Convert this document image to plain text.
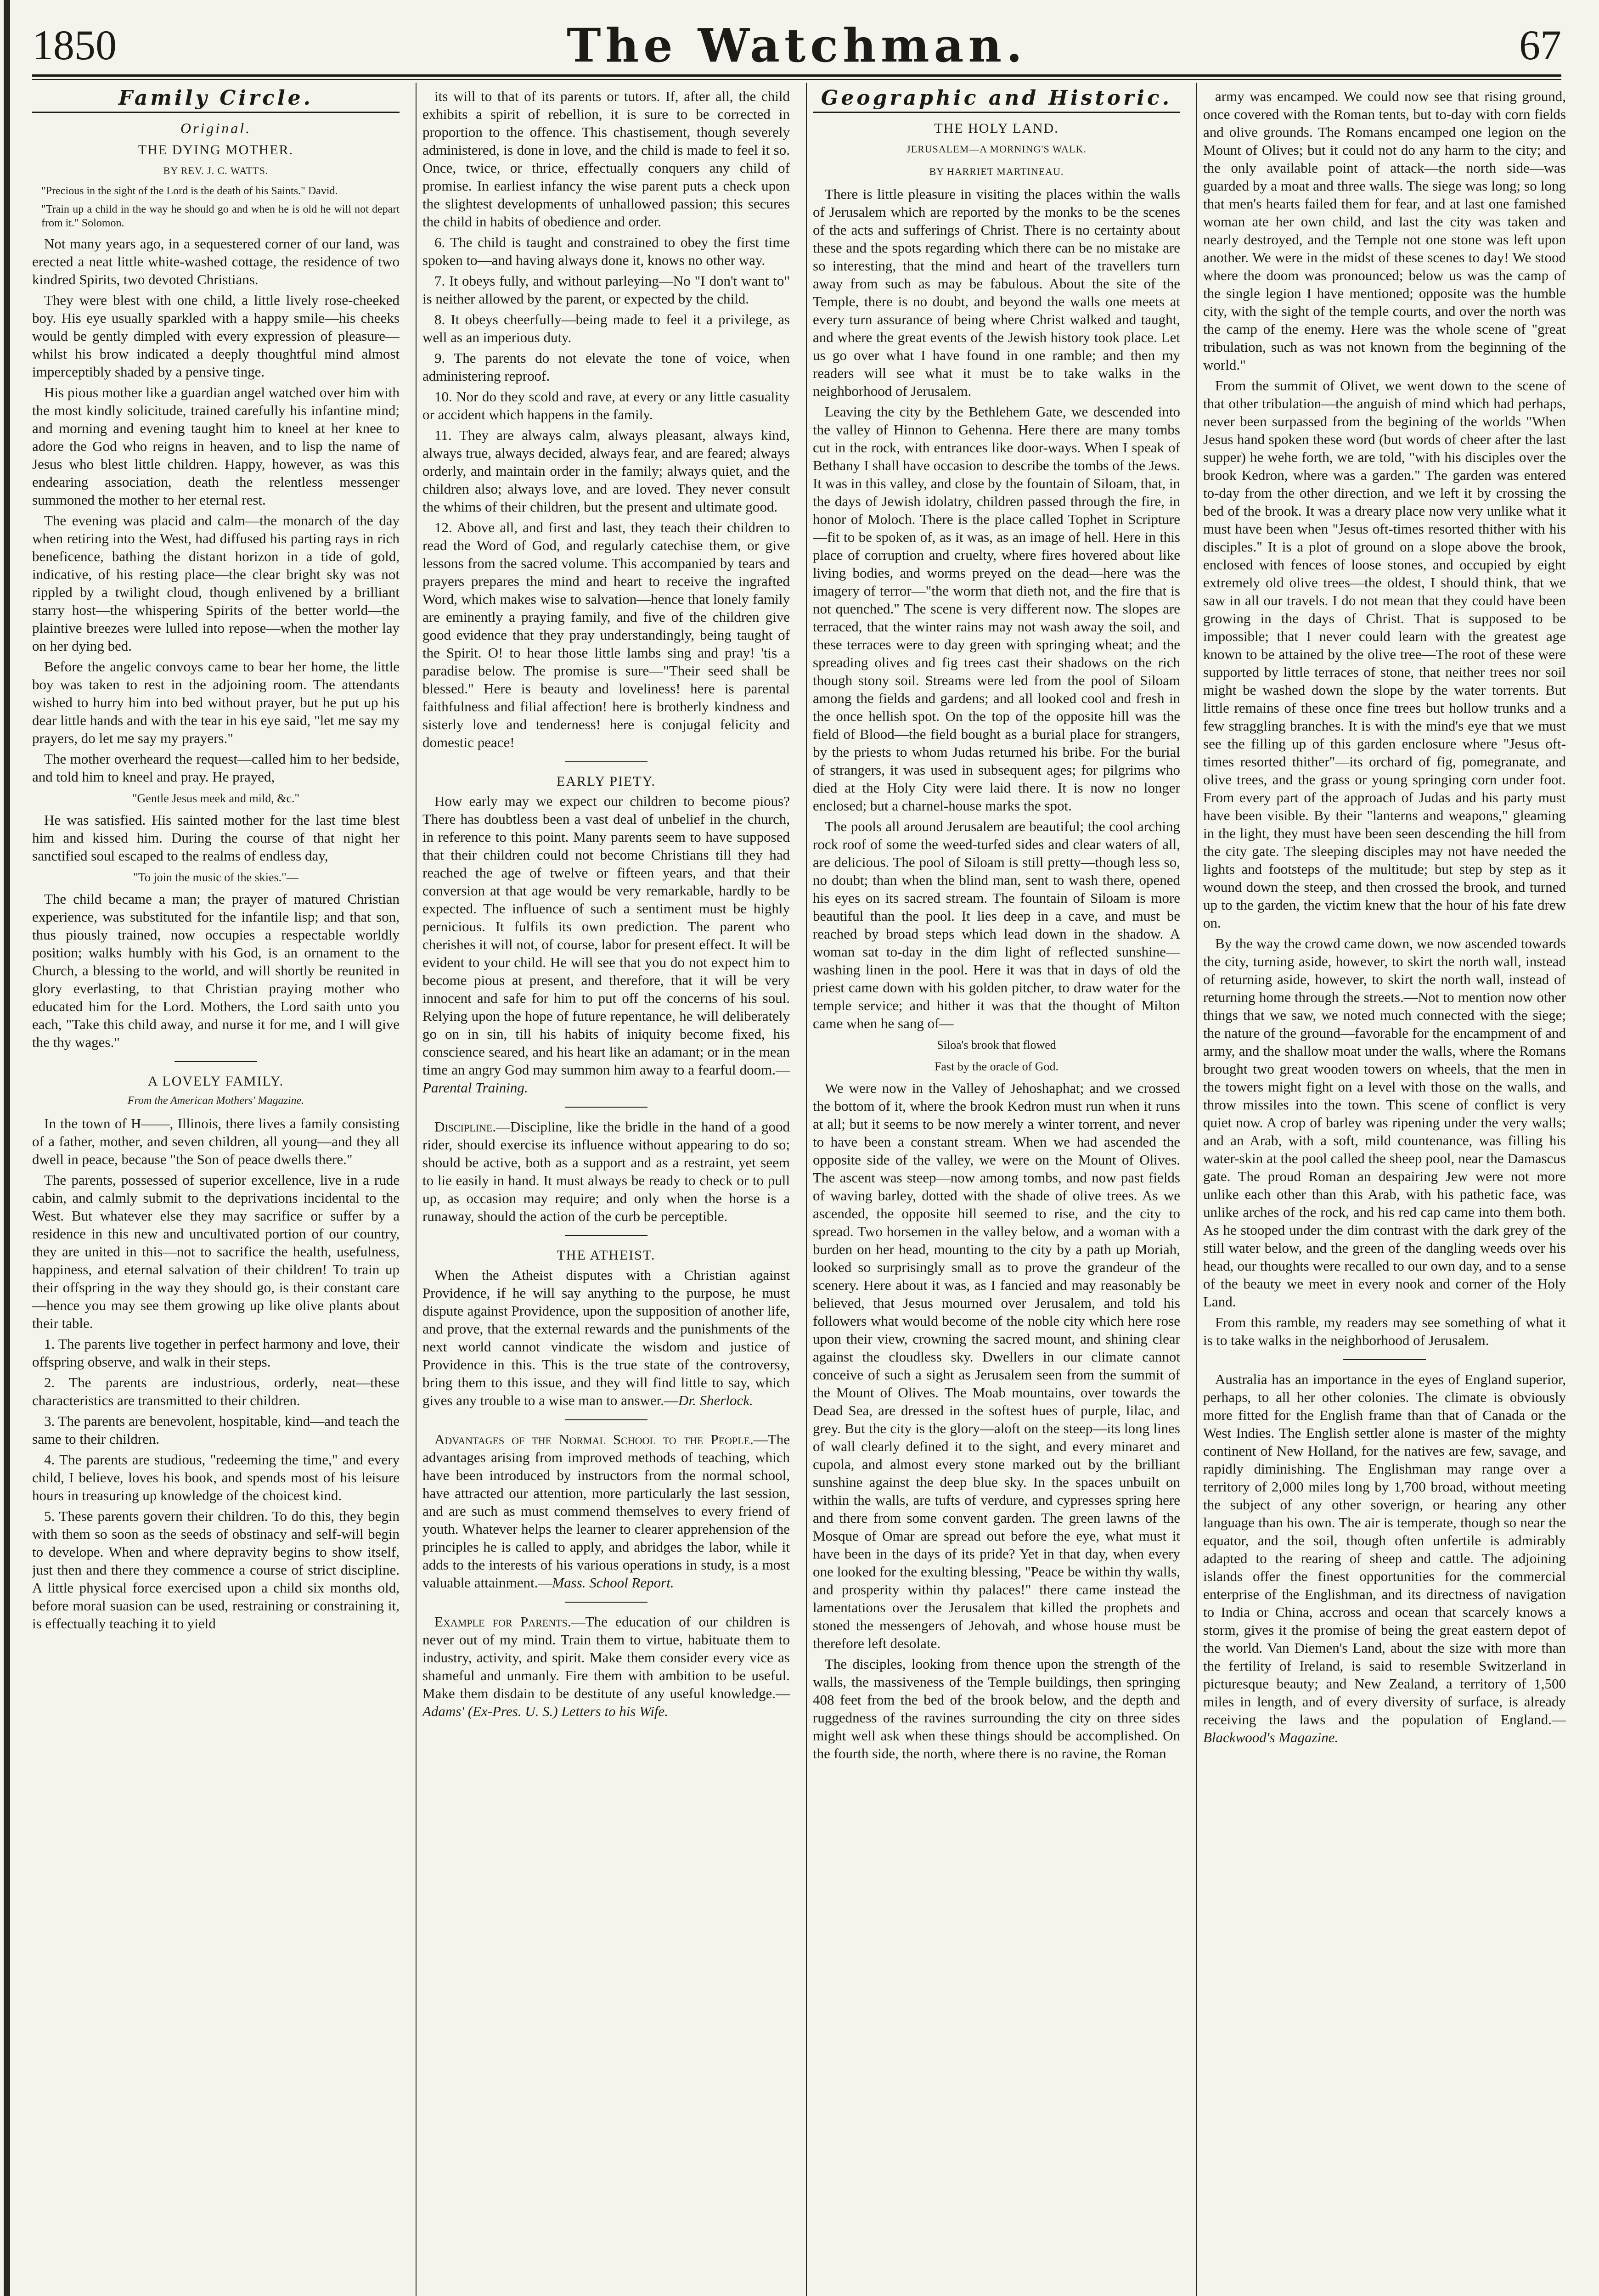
1850	The Watchman.	67
Family Circle.
Original.
THE DYING MOTHER.
BY REV. J. C. WATTS.
"Precious in the sight of the Lord is the death of his Saints." David.
"Train up a child in the way he should go and when he is old he will not depart from it." Solomon.

Not many years ago, in a sequestered corner of our land, was erected a neat little white-washed cottage, the residence of two kindred Spirits, two devoted Christians.

They were blest with one child, a little lively rose-cheeked boy. His eye usually sparkled with a happy smile—his cheeks would be gently dimpled with every expression of pleasure—whilst his brow indicated a deeply thoughtful mind almost imperceptibly shaded by a pensive tinge.

His pious mother like a guardian angel watched over him with the most kindly solicitude, trained carefully his infantine mind; and morning and evening taught him to kneel at her knee to adore the God who reigns in heaven, and to lisp the name of Jesus who blest little children. Happy, however, as was this endearing association, death the relentless messenger summoned the mother to her eternal rest.

The evening was placid and calm—the monarch of the day when retiring into the West, had diffused his parting rays in rich beneficence, bathing the distant horizon in a tide of gold, indicative, of his resting place—the clear bright sky was not rippled by a twilight cloud, though enlivened by a brilliant starry host—the whispering Spirits of the better world—the plaintive breezes were lulled into repose—when the mother lay on her dying bed.

Before the angelic convoys came to bear her home, the little boy was taken to rest in the adjoining room. The attendants wished to hurry him into bed without prayer, but he put up his dear little hands and with the tear in his eye said, "let me say my prayers, do let me say my prayers."

The mother overheard the request—called him to her bedside, and told him to kneel and pray. He prayed,

"Gentle Jesus meek and mild, &c."

He was satisfied. His sainted mother for the last time blest him and kissed him. During the course of that night her sanctified soul escaped to the realms of endless day,

"To join the music of the skies."—

The child became a man; the prayer of matured Christian experience, was substituted for the infantile lisp; and that son, thus piously trained, now occupies a respectable worldly position; walks humbly with his God, is an ornament to the Church, a blessing to the world, and will shortly be reunited in glory everlasting, to that Christian praying mother who educated him for the Lord. Mothers, the Lord saith unto you each, "Take this child away, and nurse it for me, and I will give the thy wages."

A LOVELY FAMILY.
From the American Mothers' Magazine.

In the town of H——, Illinois, there lives a family consisting of a father, mother, and seven children, all young—and they all dwell in peace, because "the Son of peace dwells there."

The parents, possessed of superior excellence, live in a rude cabin, and calmly submit to the deprivations incidental to the West. But whatever else they may sacrifice or suffer by a residence in this new and uncultivated portion of our country, they are united in this—not to sacrifice the health, usefulness, happiness, and eternal salvation of their children! To train up their offspring in the way they should go, is their constant care—hence you may see them growing up like olive plants about their table.

1. The parents live together in perfect harmony and love, their offspring observe, and walk in their steps.

2. The parents are industrious, orderly, neat—these characteristics are transmitted to their children.

3. The parents are benevolent, hospitable, kind—and teach the same to their children.

4. The parents are studious, "redeeming the time," and every child, I believe, loves his book, and spends most of his leisure hours in treasuring up knowledge of the choicest kind.

5. These parents govern their children. To do this, they begin with them so soon as the seeds of obstinacy and self-will begin to develope. When and where depravity begins to show itself, just then and there they commence a course of strict discipline. A little physical force exercised upon a child six months old, before moral suasion can be used, restraining or constraining it, is effectually teaching it to yield

its will to that of its parents or tutors. If, after all, the child exhibits a spirit of rebellion, it is sure to be corrected in proportion to the offence. This chastisement, though severely administered, is done in love, and the child is made to feel it so. Once, twice, or thrice, effectually conquers any child of promise. In earliest infancy the wise parent puts a check upon the slightest developments of unhallowed passion; this secures the child in habits of obedience and order.

6. The child is taught and constrained to obey the first time spoken to—and having always done it, knows no other way.

7. It obeys fully, and without parleying—No "I don't want to" is neither allowed by the parent, or expected by the child.

8. It obeys cheerfully—being made to feel it a privilege, as well as an imperious duty.

9. The parents do not elevate the tone of voice, when administering reproof.

10. Nor do they scold and rave, at every or any little casuality or accident which happens in the family.

11. They are always calm, always pleasant, always kind, always true, always decided, always fear, and are feared; always orderly, and maintain order in the family; always quiet, and the children also; always love, and are loved. They never consult the whims of their children, but the present and ultimate good.

12. Above all, and first and last, they teach their children to read the Word of God, and regularly catechise them, or give lessons from the sacred volume. This accompanied by tears and prayers prepares the mind and heart to receive the ingrafted Word, which makes wise to salvation—hence that lonely family are eminently a praying family, and five of the children give good evidence that they pray understandingly, being taught of the Spirit. O! to hear those little lambs sing and pray! 'tis a paradise below. The promise is sure—"Their seed shall be blessed." Here is beauty and loveliness! here is parental faithfulness and filial affection! here is brotherly kindness and sisterly love and tenderness! here is conjugal felicity and domestic peace!

EARLY PIETY.

How early may we expect our children to become pious? There has doubtless been a vast deal of unbelief in the church, in reference to this point. Many parents seem to have supposed that their children could not become Christians till they had reached the age of twelve or fifteen years, and that their conversion at that age would be very remarkable, hardly to be expected. The influence of such a sentiment must be highly pernicious. It fulfils its own prediction. The parent who cherishes it will not, of course, labor for present effect. It will be evident to your child. He will see that you do not expect him to become pious at present, and therefore, that it will be very innocent and safe for him to put off the concerns of his soul. Relying upon the hope of future repentance, he will deliberately go on in sin, till his habits of iniquity become fixed, his conscience seared, and his heart like an adamant; or in the mean time an angry God may summon him away to a fearful doom.—Parental Training.

Discipline.—Discipline, like the bridle in the hand of a good rider, should exercise its influence without appearing to do so; should be active, both as a support and as a restraint, yet seem to lie easily in hand. It must always be ready to check or to pull up, as occasion may require; and only when the horse is a runaway, should the action of the curb be perceptible.

THE ATHEIST.

When the Atheist disputes with a Christian against Providence, if he will say anything to the purpose, he must dispute against Providence, upon the supposition of another life, and prove, that the external rewards and the punishments of the next world cannot vindicate the wisdom and justice of Providence in this. This is the true state of the controversy, bring them to this issue, and they will find little to say, which gives any trouble to a wise man to answer.—Dr. Sherlock.

Advantages of the Normal School to the People.—The advantages arising from improved methods of teaching, which have been introduced by instructors from the normal school, have attracted our attention, more particularly the last session, and are such as must commend themselves to every friend of youth. Whatever helps the learner to clearer apprehension of the principles he is called to apply, and abridges the labor, while it adds to the interests of his various operations in study, is a most valuable attainment.—Mass. School Report.

Example for Parents.—The education of our children is never out of my mind. Train them to virtue, habituate them to industry, activity, and spirit. Make them consider every vice as shameful and unmanly. Fire them with ambition to be useful. Make them disdain to be destitute of any useful knowledge.—Adams' (Ex-Pres. U. S.) Letters to his Wife.

Geographic and Historic.
THE HOLY LAND.
JERUSALEM—A MORNING'S WALK.
BY HARRIET MARTINEAU.

There is little pleasure in visiting the places within the walls of Jerusalem which are reported by the monks to be the scenes of the acts and sufferings of Christ. There is no certainty about these and the spots regarding which there can be no mistake are so interesting, that the mind and heart of the travellers turn away from such as may be fabulous. About the site of the Temple, there is no doubt, and beyond the walls one meets at every turn assurance of being where Christ walked and taught, and where the great events of the Jewish history took place. Let us go over what I have found in one ramble; and then my readers will see what it must be to take walks in the neighborhood of Jerusalem.

Leaving the city by the Bethlehem Gate, we descended into the valley of Hinnon to Gehenna. Here there are many tombs cut in the rock, with entrances like door-ways. When I speak of Bethany I shall have occasion to describe the tombs of the Jews. It was in this valley, and close by the fountain of Siloam, that, in the days of Jewish idolatry, children passed through the fire, in honor of Moloch. There is the place called Tophet in Scripture—fit to be spoken of, as it was, as an image of hell. Here in this place of corruption and cruelty, where fires hovered about like living bodies, and worms preyed on the dead—here was the imagery of terror—"the worm that dieth not, and the fire that is not quenched." The scene is very different now. The slopes are terraced, that the winter rains may not wash away the soil, and these terraces were to day green with springing wheat; and the spreading olives and fig trees cast their shadows on the rich though stony soil. Streams were led from the pool of Siloam among the fields and gardens; and all looked cool and fresh in the once hellish spot. On the top of the opposite hill was the field of Blood—the field bought as a burial place for strangers, by the priests to whom Judas returned his bribe. For the burial of strangers, it was used in subsequent ages; for pilgrims who died at the Holy City were laid there. It is now no longer enclosed; but a charnel-house marks the spot.

The pools all around Jerusalem are beautiful; the cool arching rock roof of some the weed-turfed sides and clear waters of all, are delicious. The pool of Siloam is still pretty—though less so, no doubt; than when the blind man, sent to wash there, opened his eyes on its sacred stream. The fountain of Siloam is more beautiful than the pool. It lies deep in a cave, and must be reached by broad steps which lead down in the shadow. A woman sat to-day in the dim light of reflected sunshine—washing linen in the pool. Here it was that in days of old the priest came down with his golden pitcher, to draw water for the temple service; and hither it was that the thought of Milton came when he sang of—

Siloa's brook that flowed
Fast by the oracle of God.

We were now in the Valley of Jehoshaphat; and we crossed the bottom of it, where the brook Kedron must run when it runs at all; but it seems to be now merely a winter torrent, and never to have been a constant stream. When we had ascended the opposite side of the valley, we were on the Mount of Olives. The ascent was steep—now among tombs, and now past fields of waving barley, dotted with the shade of olive trees. As we ascended, the opposite hill seemed to rise, and the city to spread. Two horsemen in the valley below, and a woman with a burden on her head, mounting to the city by a path up Moriah, looked so surprisingly small as to prove the grandeur of the scenery. Here about it was, as I fancied and may reasonably be believed, that Jesus mourned over Jerusalem, and told his followers what would become of the noble city which here rose upon their view, crowning the sacred mount, and shining clear against the cloudless sky. Dwellers in our climate cannot conceive of such a sight as Jerusalem seen from the summit of the Mount of Olives. The Moab mountains, over towards the Dead Sea, are dressed in the softest hues of purple, lilac, and grey. But the city is the glory—aloft on the steep—its long lines of wall clearly defined it to the sight, and every minaret and cupola, and almost every stone marked out by the brilliant sunshine against the deep blue sky. In the spaces unbuilt on within the walls, are tufts of verdure, and cypresses spring here and there from some convent garden. The green lawns of the Mosque of Omar are spread out before the eye, what must it have been in the days of its pride? Yet in that day, when every one looked for the exulting blessing, "Peace be within thy walls, and prosperity within thy palaces!" there came instead the lamentations over the Jerusalem that killed the prophets and stoned the messengers of Jehovah, and whose house must be therefore left desolate.

The disciples, looking from thence upon the strength of the walls, the massiveness of the Temple buildings, then springing 408 feet from the bed of the brook below, and the depth and ruggedness of the ravines surrounding the city on three sides might well ask when these things should be accomplished. On the fourth side, the north, where there is no ravine, the Roman

army was encamped. We could now see that rising ground, once covered with the Roman tents, but to-day with corn fields and olive grounds. The Romans encamped one legion on the Mount of Olives; but it could not do any harm to the city; and the only available point of attack—the north side—was guarded by a moat and three walls. The siege was long; so long that men's hearts failed them for fear, and at last one famished woman ate her own child, and last the city was taken and nearly destroyed, and the Temple not one stone was left upon another. We were in the midst of these scenes to day! We stood where the doom was pronounced; below us was the camp of the single legion I have mentioned; opposite was the humble city, with the sight of the temple courts, and over the north was the camp of the enemy. Here was the whole scene of "great tribulation, such as was not known from the beginning of the world."

From the summit of Olivet, we went down to the scene of that other tribulation—the anguish of mind which had perhaps, never been surpassed from the begining of the worlds "When Jesus hand spoken these word (but words of cheer after the last supper) he wehe forth, we are told, "with his disciples over the brook Kedron, where was a garden." The garden was entered to-day from the other direction, and we left it by crossing the bed of the brook. It was a dreary place now very unlike what it must have been when "Jesus oft-times resorted thither with his disciples." It is a plot of ground on a slope above the brook, enclosed with fences of loose stones, and occupied by eight extremely old olive trees—the oldest, I should think, that we saw in all our travels. I do not mean that they could have been growing in the days of Christ. That is supposed to be impossible; that I never could learn with the greatest age known to be attained by the olive tree—The root of these were supported by little terraces of stone, that neither trees nor soil might be washed down the slope by the water torrents. But little remains of these once fine trees but hollow trunks and a few straggling branches. It is with the mind's eye that we must see the filling up of this garden enclosure where "Jesus oft-times resorted thither"—its orchard of fig, pomegranate, and olive trees, and the grass or young springing corn under foot. From every part of the approach of Judas and his party must have been visible. By their "lanterns and weapons," gleaming in the light, they must have been seen descending the hill from the city gate. The sleeping disciples may not have needed the lights and footsteps of the multitude; but step by step as it wound down the steep, and then crossed the brook, and turned up to the garden, the victim knew that the hour of his fate drew on.

By the way the crowd came down, we now ascended towards the city, turning aside, however, to skirt the north wall, instead of returning aside, however, to skirt the north wall, instead of returning home through the streets.—Not to mention now other things that we saw, we noted much connected with the siege; the nature of the ground—favorable for the encampment of and army, and the shallow moat under the walls, where the Romans brought two great wooden towers on wheels, that the men in the towers might fight on a level with those on the walls, and throw missiles into the town. This scene of conflict is very quiet now. A crop of barley was ripening under the very walls; and an Arab, with a soft, mild countenance, was filling his water-skin at the pool called the sheep pool, near the Damascus gate. The proud Roman an despairing Jew were not more unlike each other than this Arab, with his pathetic face, was unlike arches of the rock, and his red cap came into them both. As he stooped under the dim contrast with the dark grey of the still water below, and the green of the dangling weeds over his head, our thoughts were recalled to our own day, and to a sense of the beauty we meet in every nook and corner of the Holy Land.

From this ramble, my readers may see something of what it is to take walks in the neighborhood of Jerusalem.

Australia has an importance in the eyes of England superior, perhaps, to all her other colonies. The climate is obviously more fitted for the English frame than that of Canada or the West Indies. The English settler alone is master of the mighty continent of New Holland, for the natives are few, savage, and rapidly diminishing. The Englishman may range over a territory of 2,000 miles long by 1,700 broad, without meeting the subject of any other soverign, or hearing any other language than his own. The air is temperate, though so near the equator, and the soil, though often unfertile is admirably adapted to the rearing of sheep and cattle. The adjoining islands offer the finest opportunities for the commercial enterprise of the Englishman, and its directness of navigation to India or China, accross and ocean that scarcely knows a storm, gives it the promise of being the great eastern depot of the world. Van Diemen's Land, about the size with more than the fertility of Ireland, is said to resemble Switzerland in picturesque beauty; and New Zealand, a territory of 1,500 miles in length, and of every diversity of surface, is already receiving the laws and the population of England.—Blackwood's Magazine.
